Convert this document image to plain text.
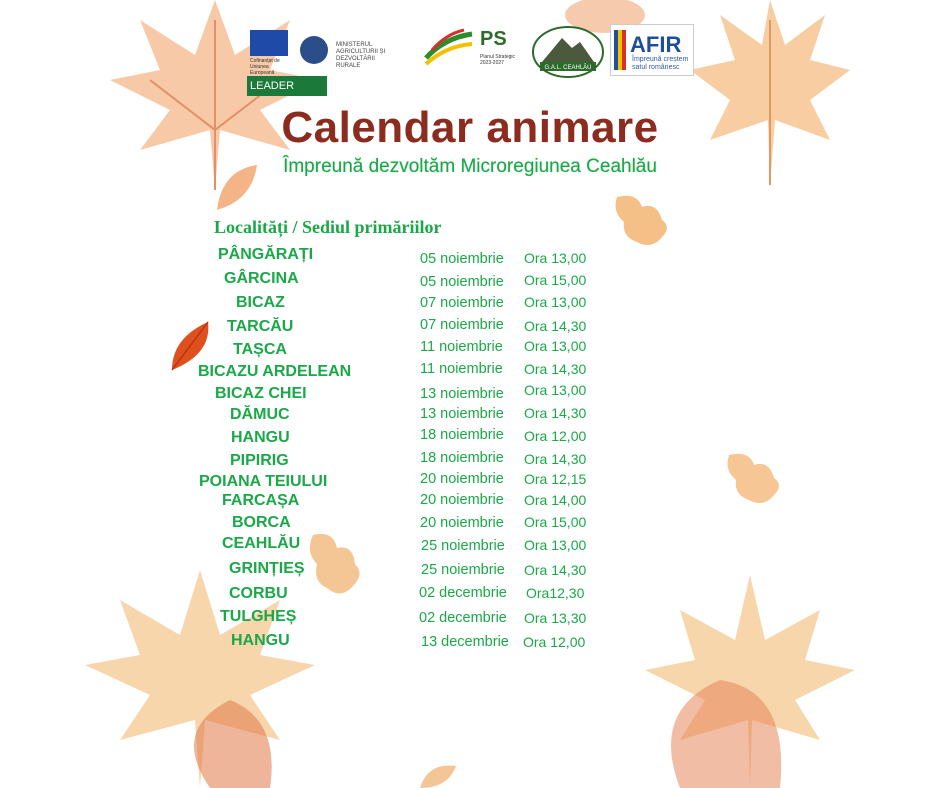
Cofinanțat de Uniunea Europeană
LEADER
MINISTERUL AGRICULTURII ȘI DEZVOLTĂRII RURALE
PS
Planul Strategic 2023-2027
G.A.L. CEAHLĂU
AFIR
Împreună creștem satul românesc
Calendar animare
Împreună dezvoltăm Microregiunea Ceahlău
Localități / Sediul primăriilor
PÂNGĂRAȚI	05 noiembrie Ora 13,00
GÂRCINA	05 noiembrie Ora 15,00
BICAZ	07 noiembrie Ora 13,00
TARCĂU	07 noiembrie Ora 14,30
TAȘCA	11 noiembrie Ora 13,00
BICAZU ARDELEAN	11 noiembrie Ora 14,30
BICAZ CHEI	13 noiembrie Ora 13,00
DĂMUC	13 noiembrie Ora 14,30
HANGU	18 noiembrie Ora 12,00
PIPIRIG	18 noiembrie Ora 14,30
POIANA TEIULUI	20 noiembrie Ora 12,15
FARCAȘA	20 noiembrie Ora 14,00
BORCA	20 noiembrie Ora 15,00
CEAHLĂU	25 noiembrie Ora 13,00
GRINȚIEȘ	25 noiembrie Ora 14,30
CORBU	02 decembrie Ora12,30
TULGHEȘ	02 decembrie Ora 13,30
HANGU	13 decembrie Ora 12,00
